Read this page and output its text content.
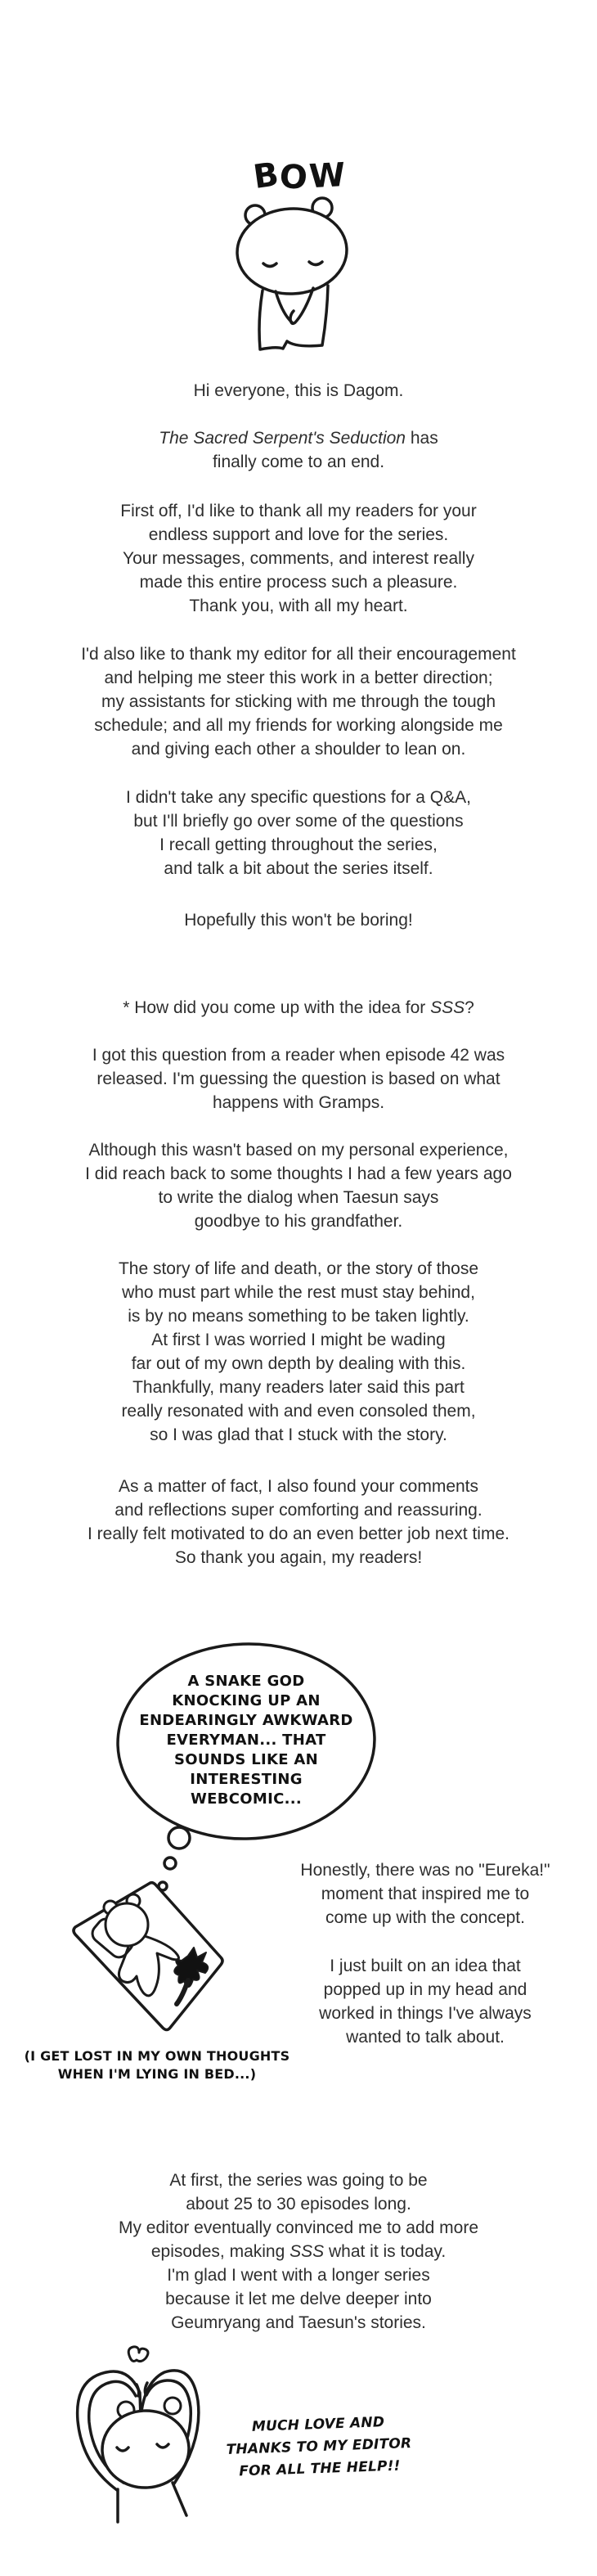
BOW
Hi everyone, this is Dagom.
The Sacred Serpent's Seduction has
finally come to an end.
First off, I'd like to thank all my readers for your
endless support and love for the series.
Your messages, comments, and interest really
made this entire process such a pleasure.
Thank you, with all my heart.
I'd also like to thank my editor for all their encouragement
and helping me steer this work in a better direction;
my assistants for sticking with me through the tough
schedule; and all my friends for working alongside me
and giving each other a shoulder to lean on.
I didn't take any specific questions for a Q&A,
but I'll briefly go over some of the questions
I recall getting throughout the series,
and talk a bit about the series itself.
Hopefully this won't be boring!
* How did you come up with the idea for SSS?
I got this question from a reader when episode 42 was
released. I'm guessing the question is based on what
happens with Gramps.
Although this wasn't based on my personal experience,
I did reach back to some thoughts I had a few years ago
to write the dialog when Taesun says
goodbye to his grandfather.
The story of life and death, or the story of those
who must part while the rest must stay behind,
is by no means something to be taken lightly.
At first I was worried I might be wading
far out of my own depth by dealing with this.
Thankfully, many readers later said this part
really resonated with and even consoled them,
so I was glad that I stuck with the story.
As a matter of fact, I also found your comments
and reflections super comforting and reassuring.
I really felt motivated to do an even better job next time.
So thank you again, my readers!
A SNAKE GOD
KNOCKING UP AN
ENDEARINGLY AWKWARD
EVERYMAN... THAT
SOUNDS LIKE AN
INTERESTING
WEBCOMIC...
(I GET LOST IN MY OWN THOUGHTS
WHEN I'M LYING IN BED...)
Honestly, there was no "Eureka!"
moment that inspired me to
come up with the concept.
I just built on an idea that
popped up in my head and
worked in things I've always
wanted to talk about.
At first, the series was going to be
about 25 to 30 episodes long.
My editor eventually convinced me to add more
episodes, making SSS what it is today.
I'm glad I went with a longer series
because it let me delve deeper into
Geumryang and Taesun's stories.
MUCH LOVE AND
THANKS TO MY EDITOR
FOR ALL THE HELP!!
